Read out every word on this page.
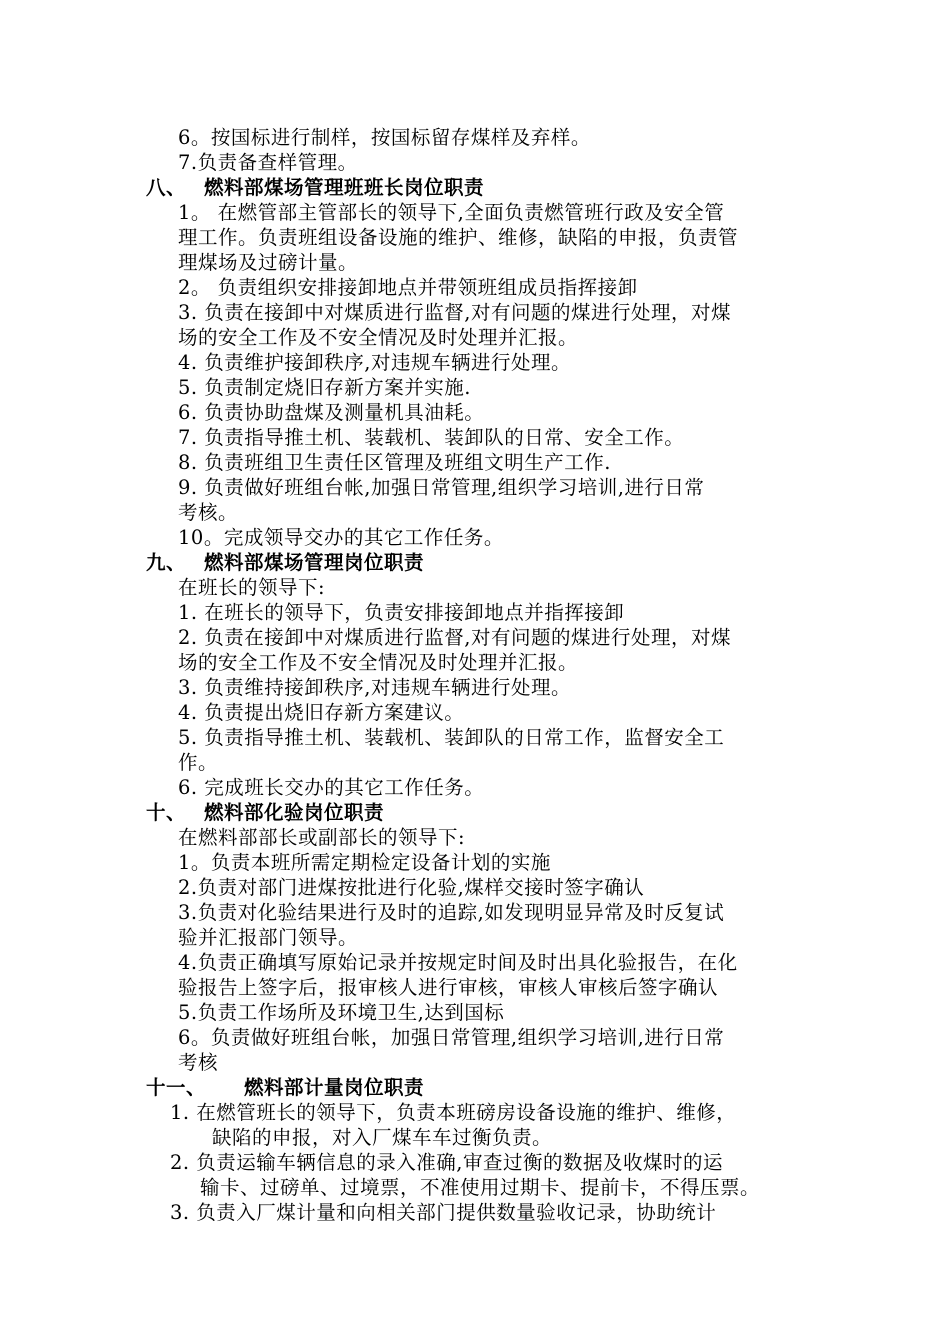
6。按国标进行制样，按国标留存煤样及弃样。
7.负责备查样管理。
八、 燃料部煤场管理班班长岗位职责
1。 在燃管部主管部长的领导下,全面负责燃管班行政及安全管
理工作。负责班组设备设施的维护、维修，缺陷的申报，负责管
理煤场及过磅计量。
2。 负责组织安排接卸地点并带领班组成员指挥接卸
3. 负责在接卸中对煤质进行监督,对有问题的煤进行处理，对煤
场的安全工作及不安全情况及时处理并汇报。
4. 负责维护接卸秩序,对违规车辆进行处理。
5. 负责制定烧旧存新方案并实施.
6. 负责协助盘煤及测量机具油耗。
7. 负责指导推土机、装载机、装卸队的日常、安全工作。
8. 负责班组卫生责任区管理及班组文明生产工作.
9. 负责做好班组台帐,加强日常管理,组织学习培训,进行日常
考核。
10。完成领导交办的其它工作任务。
九、 燃料部煤场管理岗位职责
在班长的领导下:
1. 在班长的领导下，负责安排接卸地点并指挥接卸
2. 负责在接卸中对煤质进行监督,对有问题的煤进行处理，对煤
场的安全工作及不安全情况及时处理并汇报。
3. 负责维持接卸秩序,对违规车辆进行处理。
4. 负责提出烧旧存新方案建议。
5. 负责指导推土机、装载机、装卸队的日常工作，监督安全工
作。
6. 完成班长交办的其它工作任务。
十、 燃料部化验岗位职责
在燃料部部长或副部长的领导下:
1。负责本班所需定期检定设备计划的实施
2.负责对部门进煤按批进行化验,煤样交接时签字确认
3.负责对化验结果进行及时的追踪,如发现明显异常及时反复试
验并汇报部门领导。
4.负责正确填写原始记录并按规定时间及时出具化验报告，在化
验报告上签字后，报审核人进行审核，审核人审核后签字确认
5.负责工作场所及环境卫生,达到国标
6。负责做好班组台帐，加强日常管理,组织学习培训,进行日常
考核
十一、 燃料部计量岗位职责
1. 在燃管班长的领导下，负责本班磅房设备设施的维护、维修，
缺陷的申报，对入厂煤车车过衡负责。
2. 负责运输车辆信息的录入准确,审查过衡的数据及收煤时的运
输卡、过磅单、过境票，不准使用过期卡、提前卡，不得压票。
3. 负责入厂煤计量和向相关部门提供数量验收记录，协助统计
